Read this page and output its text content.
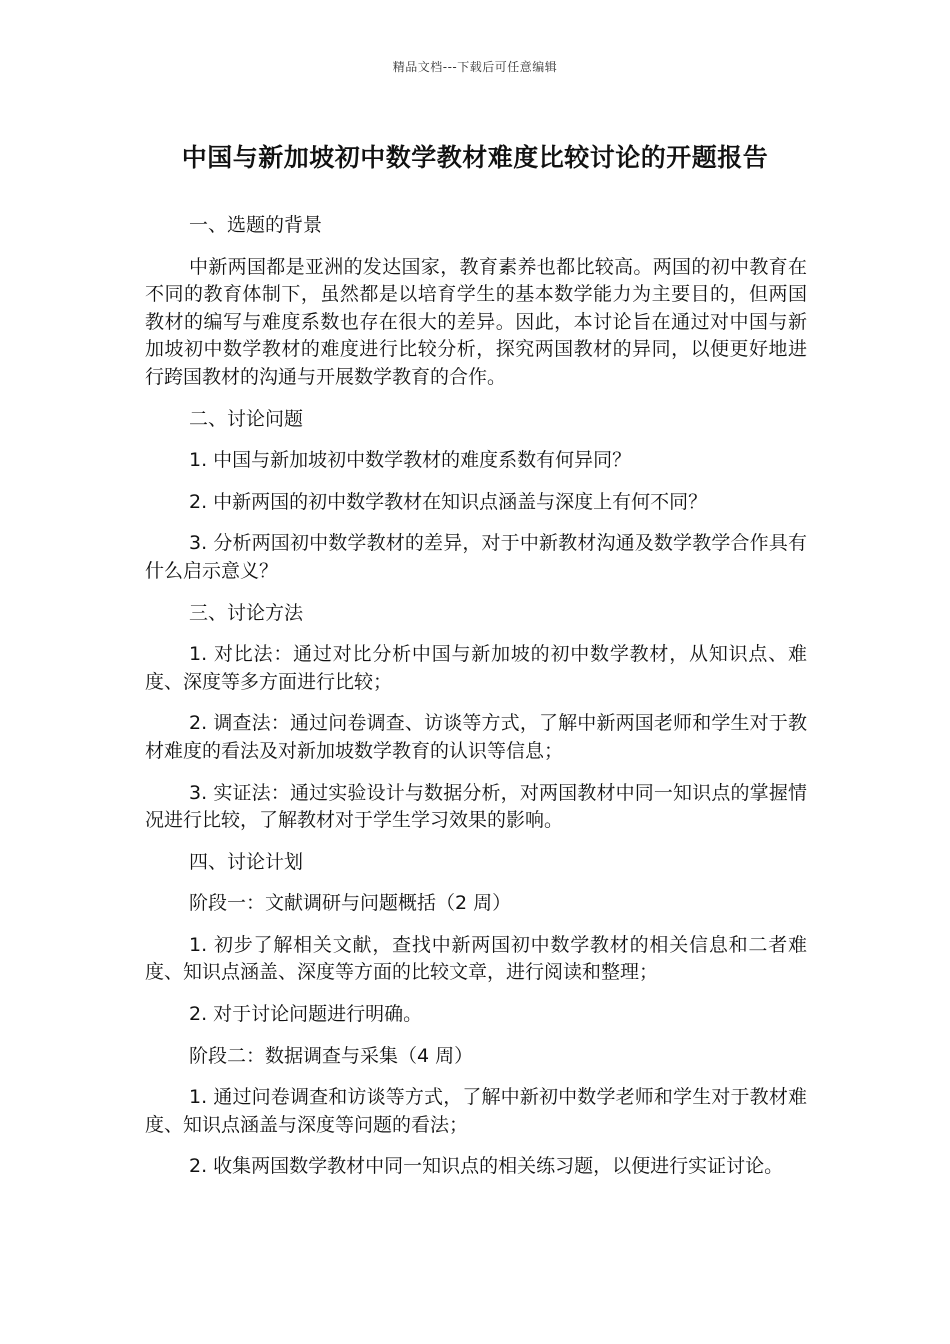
精品文档---下载后可任意编辑
中国与新加坡初中数学教材难度比较讨论的开题报告

一、选题的背景

中新两国都是亚洲的发达国家，教育素养也都比较高。两国的初中教育在不同的教育体制下，虽然都是以培育学生的基本数学能力为主要目的，但两国教材的编写与难度系数也存在很大的差异。因此，本讨论旨在通过对中国与新加坡初中数学教材的难度进行比较分析，探究两国教材的异同，以便更好地进行跨国教材的沟通与开展数学教育的合作。

二、讨论问题

1. 中国与新加坡初中数学教材的难度系数有何异同？

2. 中新两国的初中数学教材在知识点涵盖与深度上有何不同？

3. 分析两国初中数学教材的差异，对于中新教材沟通及数学教学合作具有什么启示意义？

三、讨论方法

1. 对比法：通过对比分析中国与新加坡的初中数学教材，从知识点、难度、深度等多方面进行比较；

2. 调查法：通过问卷调查、访谈等方式，了解中新两国老师和学生对于教材难度的看法及对新加坡数学教育的认识等信息；

3. 实证法：通过实验设计与数据分析，对两国教材中同一知识点的掌握情况进行比较，了解教材对于学生学习效果的影响。

四、讨论计划

阶段一：文献调研与问题概括（2 周）

1. 初步了解相关文献，查找中新两国初中数学教材的相关信息和二者难度、知识点涵盖、深度等方面的比较文章，进行阅读和整理；

2. 对于讨论问题进行明确。

阶段二：数据调查与采集（4 周）

1. 通过问卷调查和访谈等方式，了解中新初中数学老师和学生对于教材难度、知识点涵盖与深度等问题的看法；

2. 收集两国数学教材中同一知识点的相关练习题，以便进行实证讨论。
